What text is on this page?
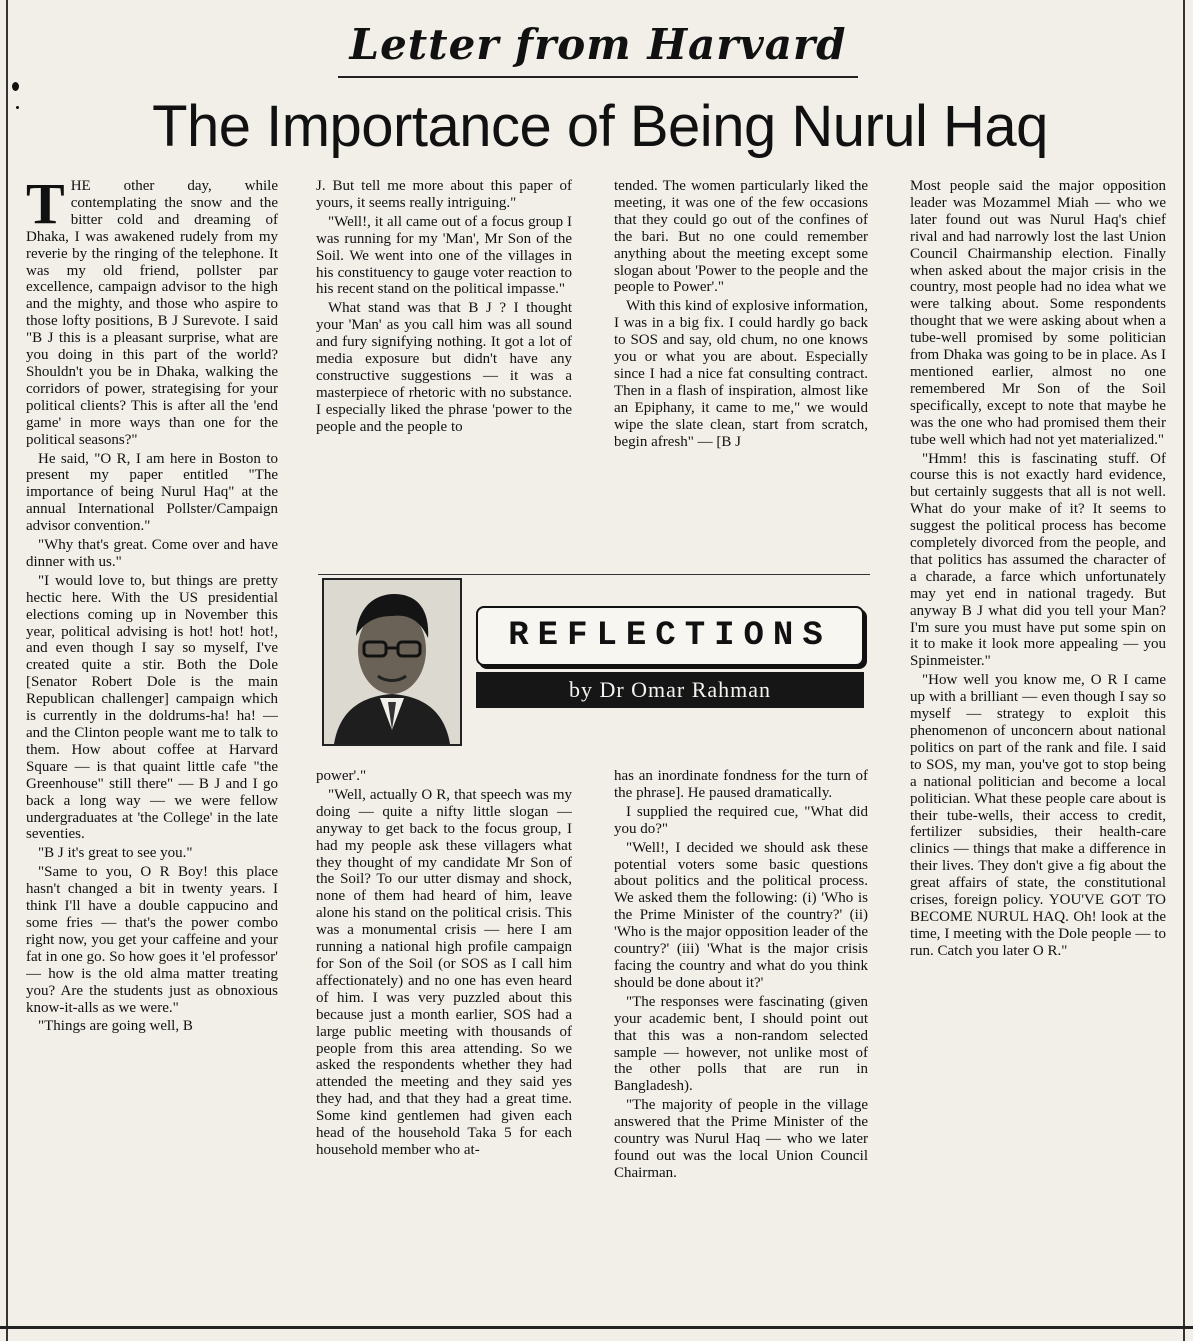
Letter from Harvard
The Importance of Being Nurul Haq

THE other day, while contemplating the snow and the bitter cold and dreaming of Dhaka, I was awakened rudely from my reverie by the ringing of the telephone. It was my old friend, pollster par excellence, campaign advisor to the high and the mighty, and those who aspire to those lofty positions, B J Surevote. I said "B J this is a pleasant surprise, what are you doing in this part of the world? Shouldn't you be in Dhaka, walking the corridors of power, strategising for your political clients? This is after all the 'end game' in more ways than one for the political seasons?"

He said, "O R, I am here in Boston to present my paper entitled "The importance of being Nurul Haq" at the annual International Pollster/Campaign advisor convention."

"Why that's great. Come over and have dinner with us."

"I would love to, but things are pretty hectic here. With the US presidential elections coming up in November this year, political advising is hot! hot! hot!, and even though I say so myself, I've created quite a stir. Both the Dole [Senator Robert Dole is the main Republican challenger] campaign which is currently in the doldrums-ha! ha! — and the Clinton people want me to talk to them. How about coffee at Harvard Square — is that quaint little cafe "the Greenhouse" still there" — B J and I go back a long way — we were fellow undergraduates at 'the College' in the late seventies.

"B J it's great to see you."

"Same to you, O R Boy! this place hasn't changed a bit in twenty years. I think I'll have a double cappucino and some fries — that's the power combo right now, you get your caffeine and your fat in one go. So how goes it 'el professor' — how is the old alma matter treating you? Are the students just as obnoxious know-it-alls as we were."

"Things are going well, B

J. But tell me more about this paper of yours, it seems really intriguing."

"Well!, it all came out of a focus group I was running for my 'Man', Mr Son of the Soil. We went into one of the villages in his constituency to gauge voter reaction to his recent stand on the political impasse."

What stand was that B J ? I thought your 'Man' as you call him was all sound and fury signifying nothing. It got a lot of media exposure but didn't have any constructive suggestions — it was a masterpiece of rhetoric with no substance. I especially liked the phrase 'power to the people and the people to

tended. The women particularly liked the meeting, it was one of the few occasions that they could go out of the confines of the bari. But no one could remember anything about the meeting except some slogan about 'Power to the people and the people to Power'."

With this kind of explosive information, I was in a big fix. I could hardly go back to SOS and say, old chum, no one knows you or what you are about. Especially since I had a nice fat consulting contract. Then in a flash of inspiration, almost like an Epiphany, it came to me," we would wipe the slate clean, start from scratch, begin afresh" — [B J

Most people said the major opposition leader was Mozammel Miah — who we later found out was Nurul Haq's chief rival and had narrowly lost the last Union Council Chairmanship election. Finally when asked about the major crisis in the country, most people had no idea what we were talking about. Some respondents thought that we were asking about when a tube-well promised by some politician from Dhaka was going to be in place. As I mentioned earlier, almost no one remembered Mr Son of the Soil specifically, except to note that maybe he was the one who had promised them their tube well which had not yet materialized."

"Hmm! this is fascinating stuff. Of course this is not exactly hard evidence, but certainly suggests that all is not well. What do your make of it? It seems to suggest the political process has become completely divorced from the people, and that politics has assumed the character of a charade, a farce which unfortunately may yet end in national tragedy. But anyway B J what did you tell your Man? I'm sure you must have put some spin on it to make it look more appealing — you Spinmeister."

"How well you know me, O R I came up with a brilliant — even though I say so myself — strategy to exploit this phenomenon of unconcern about national politics on part of the rank and file. I said to SOS, my man, you've got to stop being a national politician and become a local politician. What these people care about is their tube-wells, their access to credit, fertilizer subsidies, their health-care clinics — things that make a difference in their lives. They don't give a fig about the great affairs of state, the constitutional crises, foreign policy. YOU'VE GOT TO BECOME NURUL HAQ. Oh! look at the time, I meeting with the Dole people — to run. Catch you later O R."

REFLECTIONS
by Dr Omar Rahman

power'."

"Well, actually O R, that speech was my doing — quite a nifty little slogan — anyway to get back to the focus group, I had my people ask these villagers what they thought of my candidate Mr Son of the Soil? To our utter dismay and shock, none of them had heard of him, leave alone his stand on the political crisis. This was a monumental crisis — here I am running a national high profile campaign for Son of the Soil (or SOS as I call him affectionately) and no one has even heard of him. I was very puzzled about this because just a month earlier, SOS had a large public meeting with thousands of people from this area attending. So we asked the respondents whether they had attended the meeting and they said yes they had, and that they had a great time. Some kind gentlemen had given each head of the household Taka 5 for each household member who at-

has an inordinate fondness for the turn of the phrase]. He paused dramatically.

I supplied the required cue, "What did you do?"

"Well!, I decided we should ask these potential voters some basic questions about politics and the political process. We asked them the following: (i) 'Who is the Prime Minister of the country?' (ii) 'Who is the major opposition leader of the country?' (iii) 'What is the major crisis facing the country and what do you think should be done about it?'

"The responses were fascinating (given your academic bent, I should point out that this was a non-random selected sample — however, not unlike most of the other polls that are run in Bangladesh).

"The majority of people in the village answered that the Prime Minister of the country was Nurul Haq — who we later found out was the local Union Council Chairman.
